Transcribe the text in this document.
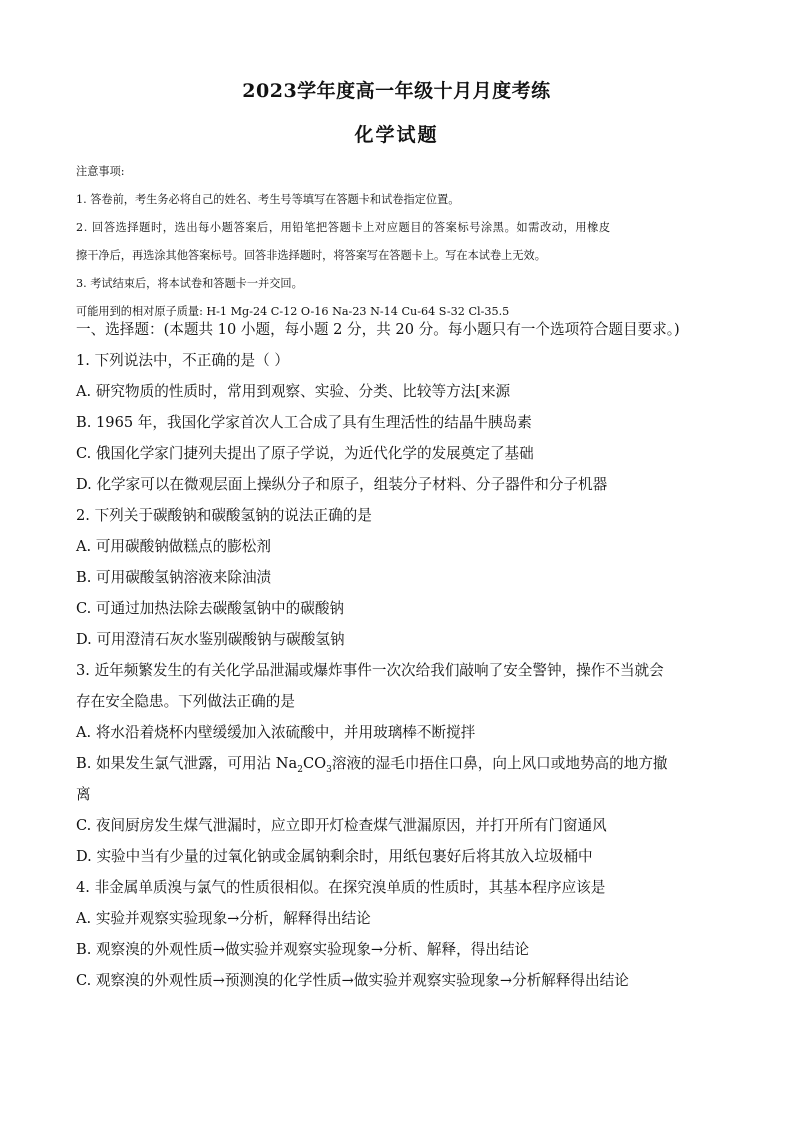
2023学年度高一年级十月月度考练
化学试题
注意事项:
1. 答卷前，考生务必将自己的姓名、考生号等填写在答题卡和试卷指定位置。
2. 回答选择题时，选出每小题答案后，用铅笔把答题卡上对应题目的答案标号涂黑。如需改动，用橡皮
擦干净后，再选涂其他答案标号。回答非选择题时，将答案写在答题卡上。写在本试卷上无效。
3. 考试结束后，将本试卷和答题卡一并交回。
可能用到的相对原子质量: H-1 Mg-24 C-12 O-16 Na-23 N-14 Cu-64 S-32 Cl-35.5
一、选择题：(本题共 10 小题，每小题 2 分，共 20 分。每小题只有一个选项符合题目要求。)
1. 下列说法中，不正确的是（ ）
A. 研究物质的性质时，常用到观察、实验、分类、比较等方法[来源
B. 1965 年，我国化学家首次人工合成了具有生理活性的结晶牛胰岛素
C. 俄国化学家门捷列夫提出了原子学说，为近代化学的发展奠定了基础
D. 化学家可以在微观层面上操纵分子和原子，组装分子材料、分子器件和分子机器
2. 下列关于碳酸钠和碳酸氢钠的说法正确的是
A. 可用碳酸钠做糕点的膨松剂
B. 可用碳酸氢钠溶液来除油渍
C. 可通过加热法除去碳酸氢钠中的碳酸钠
D. 可用澄清石灰水鉴别碳酸钠与碳酸氢钠
3. 近年频繁发生的有关化学品泄漏或爆炸事件一次次给我们敲响了安全警钟，操作不当就会
存在安全隐患。下列做法正确的是
A. 将水沿着烧杯内壁缓缓加入浓硫酸中，并用玻璃棒不断搅拌
B. 如果发生氯气泄露，可用沾 $Na_2CO_3$溶液的湿毛巾捂住口鼻，向上风口或地势高的地方撤
离
C. 夜间厨房发生煤气泄漏时，应立即开灯检查煤气泄漏原因，并打开所有门窗通风
D. 实验中当有少量的过氧化钠或金属钠剩余时，用纸包裹好后将其放入垃圾桶中
4. 非金属单质溴与氯气的性质很相似。在探究溴单质的性质时，其基本程序应该是
A. 实验并观察实验现象→分析，解释得出结论
B. 观察溴的外观性质→做实验并观察实验现象→分析、解释，得出结论
C. 观察溴的外观性质→预测溴的化学性质→做实验并观察实验现象→分析解释得出结论
